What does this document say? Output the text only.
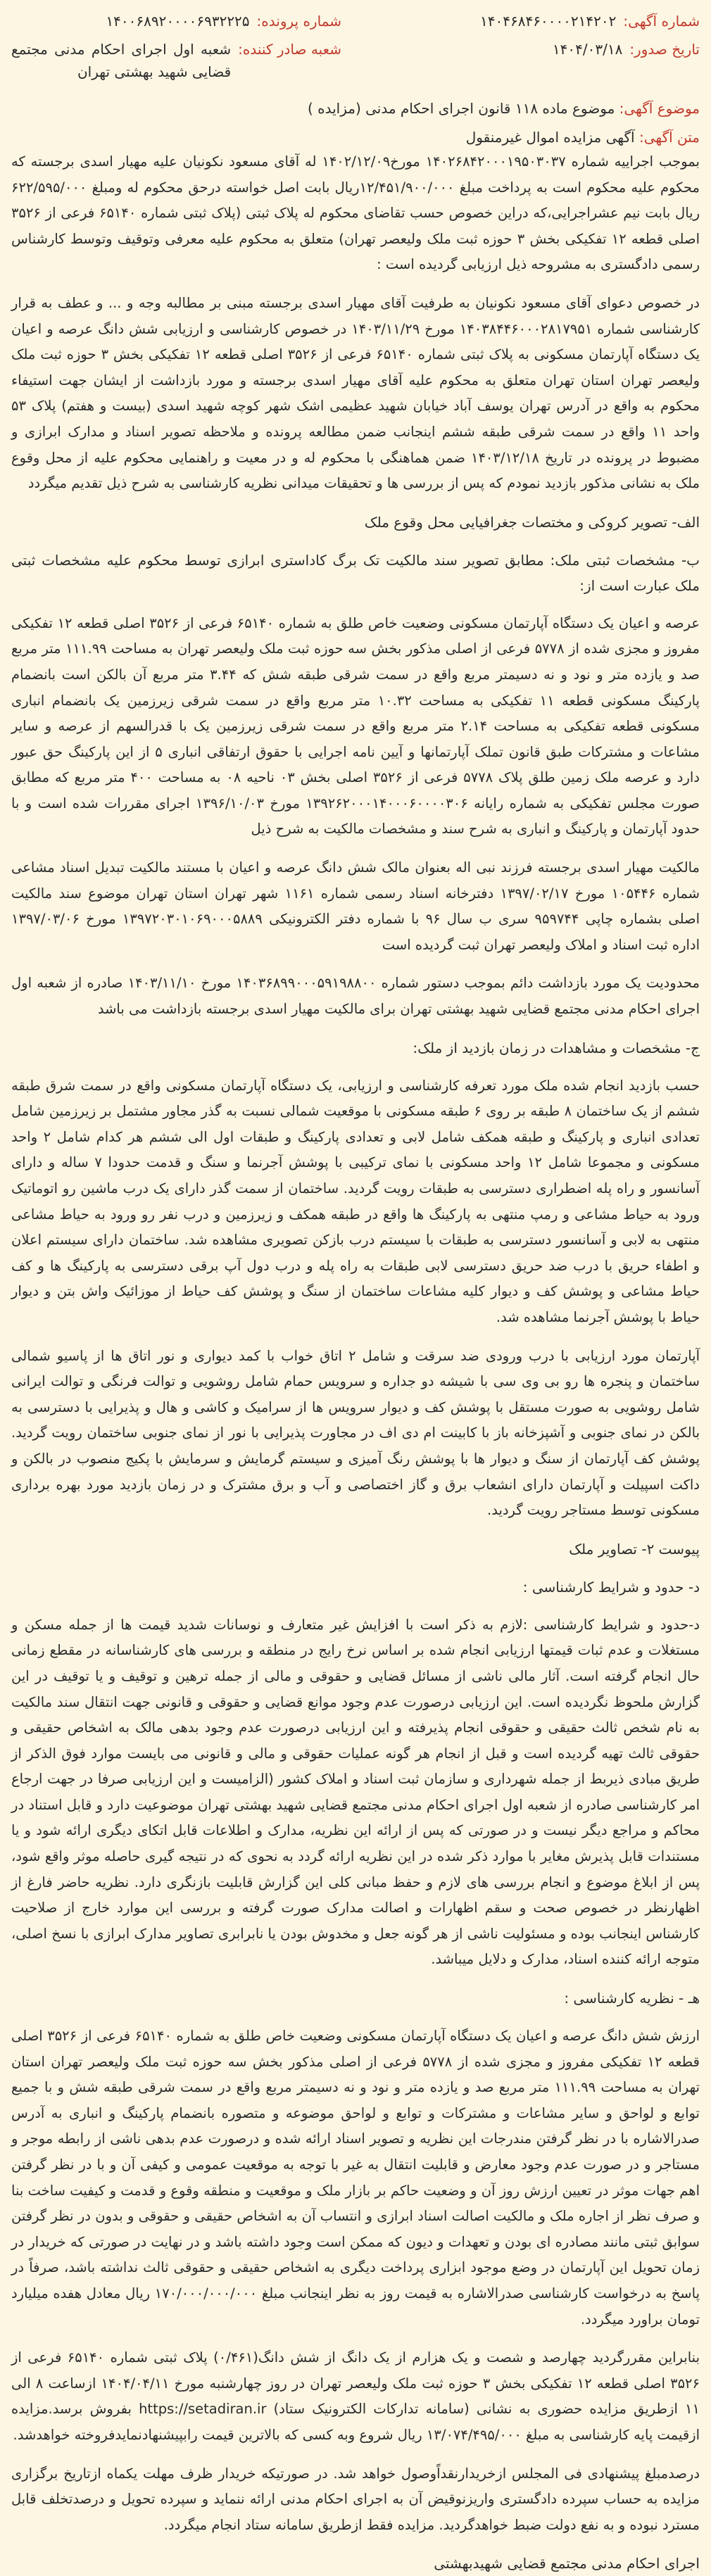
شماره آگهی:
۱۴۰۴۶۸۴۶۰۰۰۰۲۱۴۲۰۲
شماره پرونده:
۱۴۰۰۶۸۹۲۰۰۰۰۶۹۳۲۲۲۵
تاریخ صدور:
۱۴۰۴/۰۳/۱۸
شعبه صادر کننده:
شعبه اول اجرای احکام مدنی مجتمع قضایی شهید بهشتی تهران
موضوع آگهی: موضوع ماده ۱۱۸ قانون اجرای احکام مدنی (مزایده )
متن آگهی: آگهی مزایده اموال غیرمنقول

بموجب اجراییه شماره ۱۴۰۲۶۸۴۲۰۰۰۱۹۵۰۳۰۳۷ مورخ۱۴۰۲/۱۲/۰۹ له آقای مسعود نکونیان علیه مهیار اسدی برجسته که محکوم علیه محکوم است به پرداخت مبلغ ۱۲/۴۵۱/۹۰۰/۰۰۰ریال بابت اصل خواسته درحق محکوم له ومبلغ ۶۲۲/۵۹۵/۰۰۰ ریال بابت نیم عشراجرایی،که دراین خصوص حسب تقاضای محکوم له پلاک ثبتی (پلاک ثبتی شماره ۶۵۱۴۰ فرعی از ۳۵۲۶ اصلی قطعه ۱۲ تفکیکی بخش ۳ حوزه ثبت ملک ولیعصر تهران) متعلق به محکوم علیه معرفی وتوقیف وتوسط کارشناس رسمی دادگستری به مشروحه ذیل ارزیابی گردیده است :

در خصوص دعوای آقای مسعود نکونیان به طرفیت آقای مهیار اسدی برجسته مبنی بر مطالبه وجه و ... و عطف به قرار کارشناسی شماره ۱۴۰۳۸۴۴۶۰۰۰۲۸۱۷۹۵۱ مورخ ۱۴۰۳/۱۱/۲۹ در خصوص کارشناسی و ارزیابی شش دانگ عرصه و اعیان یک دستگاه آپارتمان مسکونی به پلاک ثبتی شماره ۶۵۱۴۰ فرعی از ۳۵۲۶ اصلی قطعه ۱۲ تفکیکی بخش ۳ حوزه ثبت ملک ولیعصر تهران استان تهران متعلق به محکوم علیه آقای مهیار اسدی برجسته و مورد بازداشت از ایشان جهت استیفاء محکوم به واقع در آدرس تهران یوسف آباد خیابان شهید عظیمی اشک شهر کوچه شهید اسدی (بیست و هفتم) پلاک ۵۳ واحد ۱۱ واقع در سمت شرقی طبقه ششم اینجانب ضمن مطالعه پرونده و ملاحظه تصویر اسناد و مدارک ابرازی و مضبوط در پرونده در تاریخ ۱۴۰۳/۱۲/۱۸ ضمن هماهنگی با محکوم له و در معیت و راهنمایی محکوم علیه از محل وقوع ملک به نشانی مذکور بازدید نمودم که پس از بررسی ها و تحقیقات میدانی نظریه کارشناسی به شرح ذیل تقدیم میگردد

الف- تصویر کروکی و مختصات جغرافیایی محل وقوع ملک
ب- مشخصات ثبتی ملک: مطابق تصویر سند مالکیت تک برگ کاداستری ابرازی توسط محکوم علیه مشخصات ثبتی ملک عبارت است از:

عرصه و اعیان یک دستگاه آپارتمان مسکونی وضعیت خاص طلق به شماره ۶۵۱۴۰ فرعی از ۳۵۲۶ اصلی قطعه ۱۲ تفکیکی مفروز و مجزی شده از ۵۷۷۸ فرعی از اصلی مذکور بخش سه حوزه ثبت ملک ولیعصر تهران به مساحت ۱۱۱.۹۹ متر مربع صد و یازده متر و نود و نه دسیمتر مربع واقع در سمت شرقی طبقه شش که ۳.۴۴ متر مربع آن بالکن است بانضمام پارکینگ مسکونی قطعه ۱۱ تفکیکی به مساحت ۱۰.۳۲ متر مربع واقع در سمت شرقی زیرزمین یک بانضمام انباری مسکونی قطعه تفکیکی به مساحت ۲.۱۴ متر مربع واقع در سمت شرقی زیرزمین یک با قدرالسهم از عرصه و سایر مشاعات و مشترکات طبق قانون تملک آپارتمانها و آیین نامه اجرایی با حقوق ارتفاقی انباری ۵ از این پارکینگ حق عبور دارد و عرصه ملک زمین طلق پلاک ۵۷۷۸ فرعی از ۳۵۲۶ اصلی بخش ۰۳ ناحیه ۰۸ به مساحت ۴۰۰ متر مربع که مطابق صورت مجلس تفکیکی به شماره رایانه ۱۳۹۲۶۲۰۰۰۱۴۰۰۰۶۰۰۰۰۳۰۶ مورخ ۱۳۹۶/۱۰/۰۳ اجرای مقررات شده است و با حدود آپارتمان و پارکینگ و انباری به شرح سند و مشخصات مالکیت به شرح ذیل

مالکیت مهیار اسدی برجسته فرزند نبی اله بعنوان مالک شش دانگ عرصه و اعیان با مستند مالکیت تبدیل اسناد مشاعی شماره ۱۰۵۴۴۶ مورخ ۱۳۹۷/۰۲/۱۷ دفترخانه اسناد رسمی شماره ۱۱۶۱ شهر تهران استان تهران موضوع سند مالکیت اصلی بشماره چاپی ۹۵۹۷۴۴ سری ب سال ۹۶ با شماره دفتر الکترونیکی ۱۳۹۷۲۰۳۰۱۰۶۹۰۰۰۵۸۸۹ مورخ ۱۳۹۷/۰۳/۰۶ اداره ثبت اسناد و املاک ولیعصر تهران ثبت گردیده است

محدودیت یک مورد بازداشت دائم بموجب دستور شماره ۱۴۰۳۶۸۹۹۰۰۰۵۹۱۹۸۸۰۰ مورخ ۱۴۰۳/۱۱/۱۰ صادره از شعبه اول اجرای احکام مدنی مجتمع قضایی شهید بهشتی تهران برای مالکیت مهیار اسدی برجسته بازداشت می باشد

ج- مشخصات و مشاهدات در زمان بازدید از ملک:

حسب بازدید انجام شده ملک مورد تعرفه کارشناسی و ارزیابی، یک دستگاه آپارتمان مسکونی واقع در سمت شرق طبقه ششم از یک ساختمان ۸ طبقه بر روی ۶ طبقه مسکونی با موقعیت شمالی نسبت به گذر مجاور مشتمل بر زیرزمین شامل تعدادی انباری و پارکینگ و طبقه همکف شامل لابی و تعدادی پارکینگ و طبقات اول الی ششم هر کدام شامل ۲ واحد مسکونی و مجموعا شامل ۱۲ واحد مسکونی با نمای ترکیبی با پوشش آجرنما و سنگ و قدمت حدودا ۷ ساله و دارای آسانسور و راه پله اضطراری دسترسی به طبقات رویت گردید. ساختمان از سمت گذر دارای یک درب ماشین رو اتوماتیک ورود به حیاط مشاعی و رمپ منتهی به پارکینگ ها واقع در طبقه همکف و زیرزمین و درب نفر رو ورود به حیاط مشاعی منتهی به لابی و آسانسور دسترسی به طبقات با سیستم درب بازکن تصویری مشاهده شد. ساختمان دارای سیستم اعلان و اطفاء حریق با درب ضد حریق دسترسی لابی طبقات به راه پله و درب دول آپ برقی دسترسی به پارکینگ ها و کف حیاط مشاعی و پوشش کف و دیوار کلیه مشاعات ساختمان از سنگ و پوشش کف حیاط از موزائیک واش بتن و دیوار حیاط با پوشش آجرنما مشاهده شد.

آپارتمان مورد ارزیابی با درب ورودی ضد سرقت و شامل ۲ اتاق خواب با کمد دیواری و نور اتاق ها از پاسیو شمالی ساختمان و پنجره ها رو بی وی سی با شیشه دو جداره و سرویس حمام شامل روشویی و توالت فرنگی و توالت ایرانی شامل روشویی به صورت مستقل با پوشش کف و دیوار سرویس ها از سرامیک و کاشی و هال و پذیرایی با دسترسی به بالکن در نمای جنوبی و آشپزخانه باز با کابینت ام دی اف در مجاورت پذیرایی با نور از نمای جنوبی ساختمان رویت گردید. پوشش کف آپارتمان از سنگ و دیوار ها با پوشش رنگ آمیزی و سیستم گرمایش و سرمایش با پکیج منصوب در بالکن و داکت اسپیلت و آپارتمان دارای انشعاب برق و گاز اختصاصی و آب و برق مشترک و در زمان بازدید مورد بهره برداری مسکونی توسط مستاجر رویت گردید.

پیوست ۲- تصاویر ملک
د- حدود و شرایط کارشناسی :

د-حدود و شرایط کارشناسی :لازم به ذکر است با افزایش غیر متعارف و نوسانات شدید قیمت ها از جمله مسکن و مستغلات و عدم ثبات قیمتها ارزیابی انجام شده بر اساس نرخ رایج در منطقه و بررسی های کارشناسانه در مقطع زمانی حال انجام گرفته است. آثار مالی ناشی از مسائل قضایی و حقوقی و مالی از جمله ترهین و توقیف و یا توقیف در این گزارش ملحوظ نگردیده است. این ارزیابی درصورت عدم وجود موانع قضایی و حقوقی و قانونی جهت انتقال سند مالکیت به نام شخص ثالث حقیقی و حقوقی انجام پذیرفته و این ارزیابی درصورت عدم وجود بدهی مالک به اشخاص حقیقی و حقوقی ثالث تهیه گردیده است و قبل از انجام هر گونه عملیات حقوقی و مالی و قانونی می بایست موارد فوق الذکر از طریق مبادی ذیربط از جمله شهرداری و سازمان ثبت اسناد و املاک کشور (الزامیست و این ارزیابی صرفا در جهت ارجاع امر کارشناسی صادره از شعبه اول اجرای احکام مدنی مجتمع قضایی شهید بهشتی تهران موضوعیت دارد و قابل استناد در محاکم و مراجع دیگر نیست و در صورتی که پس از ارائه این نظریه، مدارک و اطلاعات قابل اتکای دیگری ارائه شود و یا مستندات قابل پذیرش مغایر با موارد ذکر شده در این نظریه ارائه گردد به نحوی که در نتیجه گیری حاصله موثر واقع شود، پس از ابلاغ موضوع و انجام بررسی های لازم و حفظ مبانی کلی این گزارش قابلیت بازنگری دارد. نظریه حاضر فارغ از اظهارنظر در خصوص صحت و سقم اظهارات و اصالت مدارک صورت گرفته و بررسی این موارد خارج از صلاحیت کارشناس اینجانب بوده و مسئولیت ناشی از هر گونه جعل و مخدوش بودن یا نابرابری تصاویر مدارک ابرازی با نسخ اصلی، متوجه ارائه کننده اسناد، مدارک و دلایل میباشد.

هـ - نظریه کارشناسی :

ارزش شش دانگ عرصه و اعیان یک دستگاه آپارتمان مسکونی وضعیت خاص طلق به شماره ۶۵۱۴۰ فرعی از ۳۵۲۶ اصلی قطعه ۱۲ تفکیکی مفروز و مجزی شده از ۵۷۷۸ فرعی از اصلی مذکور بخش سه حوزه ثبت ملک ولیعصر تهران استان تهران به مساحت ۱۱۱.۹۹ متر مربع صد و یازده متر و نود و نه دسیمتر مربع واقع در سمت شرقی طبقه شش و با جمیع توابع و لواحق و سایر مشاعات و مشترکات و توابع و لواحق موضوعه و متصوره بانضمام پارکینگ و انباری به آدرس صدرالاشاره با در نظر گرفتن مندرجات این نظریه و تصویر اسناد ارائه شده و درصورت عدم بدهی ناشی از رابطه موجر و مستاجر و در صورت عدم وجود معارض و قابلیت انتقال به غیر با توجه به موقعیت عمومی و کیفی آن و با در نظر گرفتن اهم جهات موثر در تعیین ارزش روز آن و وضعیت حاکم بر بازار ملک و موقعیت و منطقه وقوع و قدمت و کیفیت ساخت بنا و صرف نظر از اجاره ملک و مالکیت اصالت اسناد ابرازی و انتساب آن به اشخاص حقیقی و حقوقی و بدون در نظر گرفتن سوابق ثبتی مانند مصادره ای بودن و تعهدات و دیون که ممکن است وجود داشته باشد و در نهایت در صورتی که خریدار در زمان تحویل این آپارتمان در وضع موجود ابزاری پرداخت دیگری به اشخاص حقیقی و حقوقی ثالث نداشته باشد، صرفاً در پاسخ به درخواست کارشناسی صدرالاشاره به قیمت روز به نظر اینجانب مبلغ ۱۷۰/۰۰۰/۰۰۰/۰۰۰ ریال معادل هفده میلیارد تومان براورد میگردد.

بنابراین مقررگردید چهارصد و شصت و یک هزارم از یک دانگ از شش دانگ(۰/۴۶۱) پلاک ثبتی شماره ۶۵۱۴۰ فرعی از ۳۵۲۶ اصلی قطعه ۱۲ تفکیکی بخش ۳ حوزه ثبت ملک ولیعصر تهران در روز چهارشنبه مورخ ۱۴۰۴/۰۴/۱۱ ازساعت ۸ الی ۱۱ ازطریق مزایده حضوری به نشانی (سامانه تدارکات الکترونیک ستاد) https://setadiran.ir بفروش برسد.مزایده ازقیمت پایه کارشناسی به مبلغ ۱۳/۰۷۴/۴۹۵/۰۰۰ ریال شروع وبه کسی که بالاترین قیمت رابپیشنهادنمایدفروخته خواهدشد.

درصدمبلغ پیشنهادی فی المجلس ازخریدارنقداًوصول خواهد شد. در صورتیکه خریدار ظرف مهلت یکماه ازتاریخ برگزاری مزایده به حساب سپرده دادگستری واریزنوقیض آن به اجرای احکام مدنی ارائه ننماید و سپرده تحویل و درصدتخلف قابل مسترد نبوده و به نفع دولت ضبط خواهدگردید. مزایده فقط ازطریق سامانه ستاد انجام میگردد.

اجرای احکام مدنی مجتمع قضایی شهیدبهشتی
